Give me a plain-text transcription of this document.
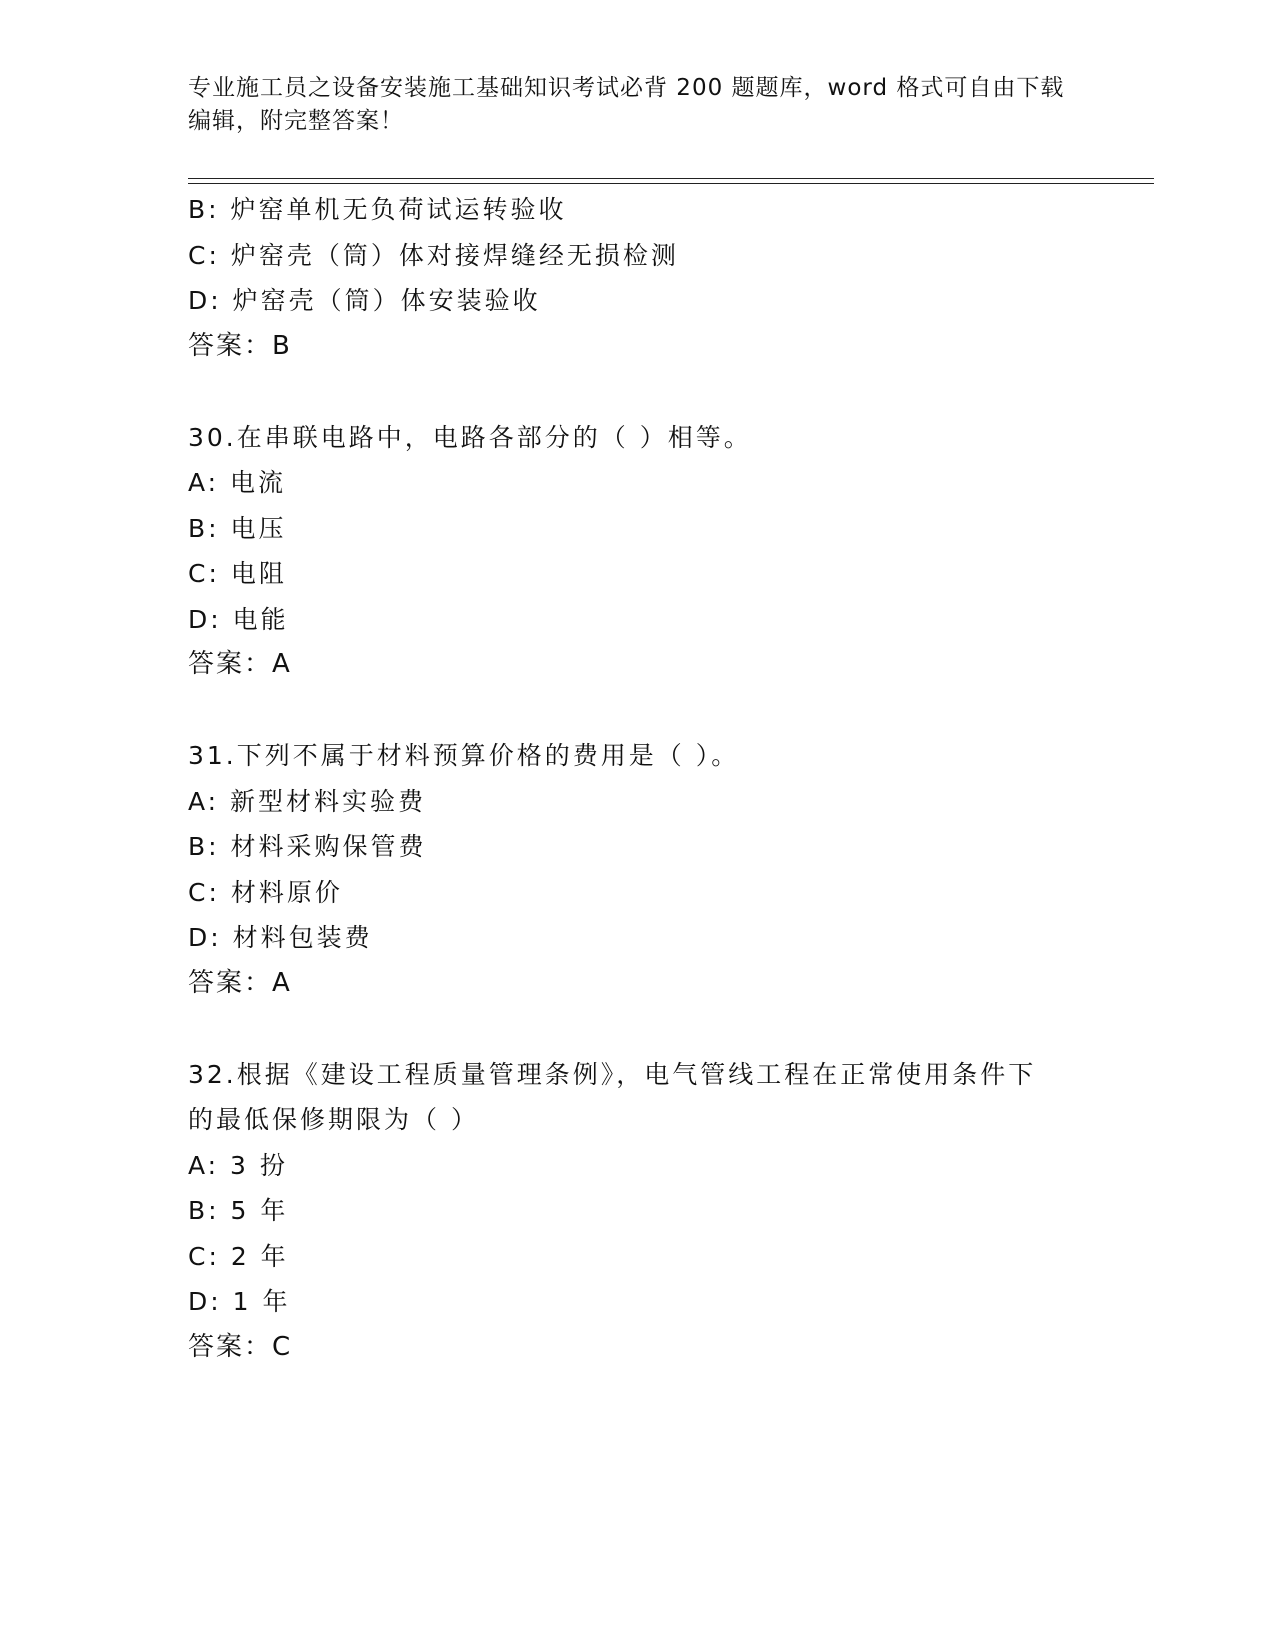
专业施工员之设备安装施工基础知识考试必背 200 题题库，word 格式可自由下载
编辑，附完整答案！
B: 炉窑单机无负荷试运转验收
C: 炉窑壳（筒）体对接焊缝经无损检测
D: 炉窑壳（筒）体安装验收
答案：B
30.在串联电路中，电路各部分的（ ）相等。
A: 电流
B: 电压
C: 电阻
D: 电能
答案：A
31.下列不属于材料预算价格的费用是（ ）。
A: 新型材料实验费
B: 材料采购保管费
C: 材料原价
D: 材料包装费
答案：A
32.根据《建设工程质量管理条例》，电气管线工程在正常使用条件下
的最低保修期限为（ ）
A: 3 扮
B: 5 年
C: 2 年
D: 1 年
答案：C
